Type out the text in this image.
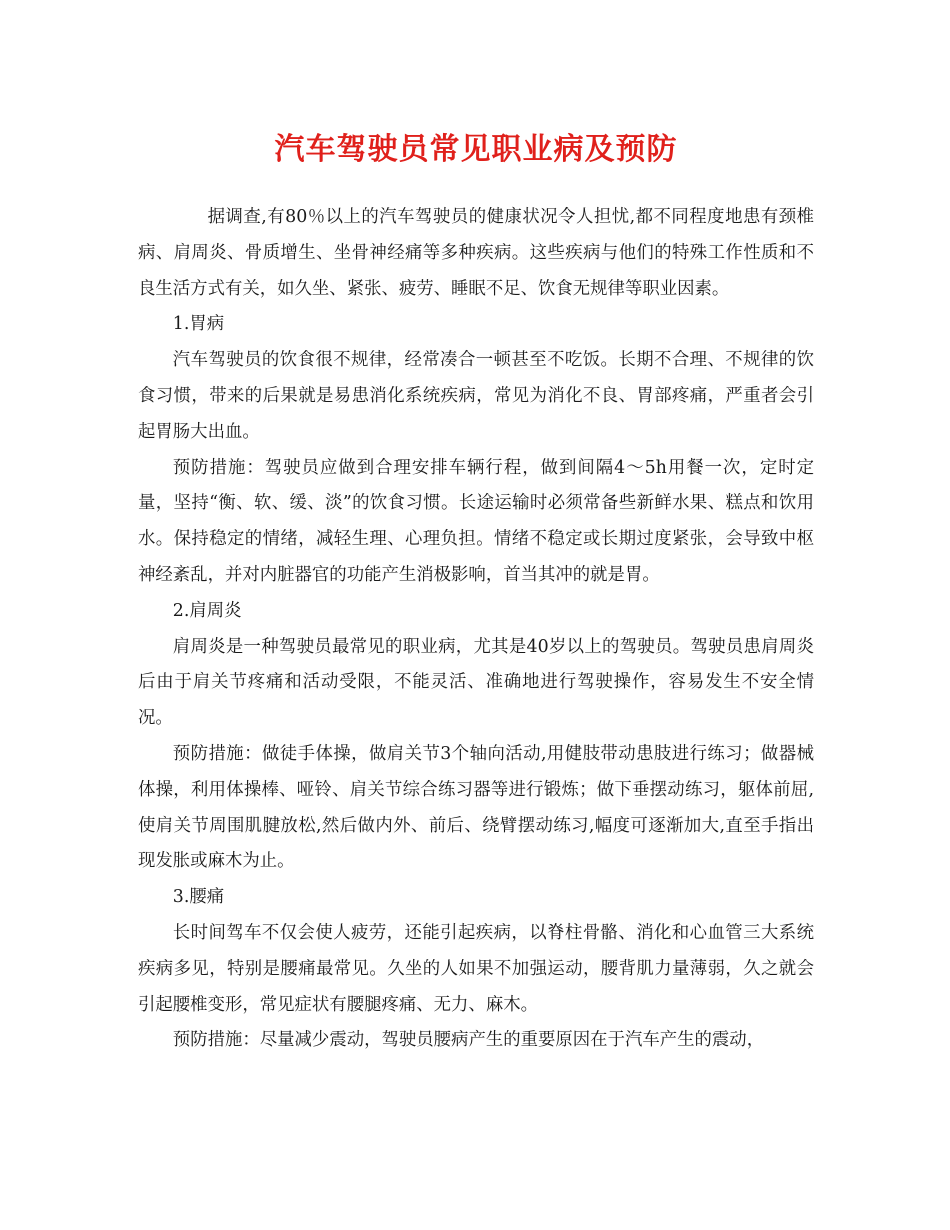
汽车驾驶员常见职业病及预防

据调查,有80％以上的汽车驾驶员的健康状况令人担忧,都不同程度地患有颈椎病、肩周炎、骨质增生、坐骨神经痛等多种疾病。这些疾病与他们的特殊工作性质和不良生活方式有关，如久坐、紧张、疲劳、睡眠不足、饮食无规律等职业因素。

1.胃病

汽车驾驶员的饮食很不规律，经常凑合一顿甚至不吃饭。长期不合理、不规律的饮食习惯，带来的后果就是易患消化系统疾病，常见为消化不良、胃部疼痛，严重者会引起胃肠大出血。

预防措施：驾驶员应做到合理安排车辆行程，做到间隔4～5h用餐一次，定时定量，坚持“衡、软、缓、淡”的饮食习惯。长途运输时必须常备些新鲜水果、糕点和饮用水。保持稳定的情绪，减轻生理、心理负担。情绪不稳定或长期过度紧张，会导致中枢神经紊乱，并对内脏器官的功能产生消极影响，首当其冲的就是胃。

2.肩周炎

肩周炎是一种驾驶员最常见的职业病，尤其是40岁以上的驾驶员。驾驶员患肩周炎后由于肩关节疼痛和活动受限，不能灵活、准确地进行驾驶操作，容易发生不安全情况。

预防措施：做徒手体操，做肩关节3个轴向活动,用健肢带动患肢进行练习；做器械体操，利用体操棒、哑铃、肩关节综合练习器等进行锻炼；做下垂摆动练习，躯体前屈,使肩关节周围肌腱放松,然后做内外、前后、绕臂摆动练习,幅度可逐渐加大,直至手指出现发胀或麻木为止。

3.腰痛

长时间驾车不仅会使人疲劳，还能引起疾病，以脊柱骨骼、消化和心血管三大系统疾病多见，特别是腰痛最常见。久坐的人如果不加强运动，腰背肌力量薄弱，久之就会引起腰椎变形，常见症状有腰腿疼痛、无力、麻木。

预防措施：尽量减少震动，驾驶员腰病产生的重要原因在于汽车产生的震动，
